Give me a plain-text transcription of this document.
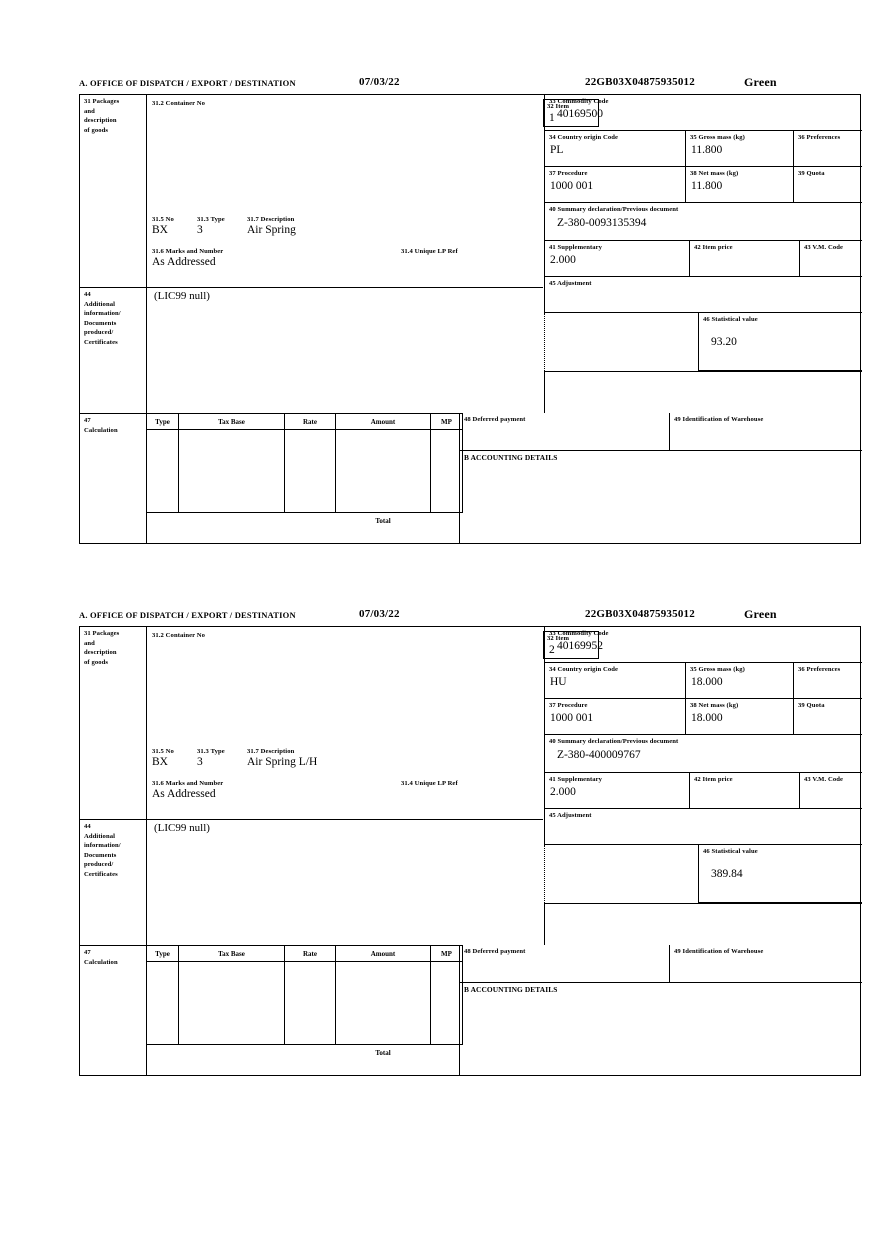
A. OFFICE OF DISPATCH / EXPORT / DESTINATION	07/03/22	22GB03X04875935012	Green
31 Packages
and
description
of goods
44
Additional
information/
Documents
produced/
Certificates
47
Calculation
31.2 Container No
31.5 No	31.3 Type	31.7 Description
BX	3	Air Spring
31.6 Marks and Number
As Addressed
31.4 Unique LP Ref
32 Item
1
(LIC99 null)
33 Commodity Code
40169500
34 Country origin Code
PL
35 Gross mass (kg)
11.800
36 Preferences
37 Procedure
1000 001
38 Net mass (kg)
11.800
39 Quota
40 Summary declaration/Previous document
Z-380-0093135394
41 Supplementary
2.000
42 Item price	43 V.M. Code
45 Adjustment
46 Statistical value
93.20
Type	Tax Base	Rate	Amount	MP

			Total	
48 Deferred payment	49 Identification of Warehouse
B ACCOUNTING DETAILS
A. OFFICE OF DISPATCH / EXPORT / DESTINATION	07/03/22	22GB03X04875935012	Green
31 Packages
and
description
of goods
44
Additional
information/
Documents
produced/
Certificates
47
Calculation
31.2 Container No
31.5 No	31.3 Type	31.7 Description
BX	3	Air Spring L/H
31.6 Marks and Number
As Addressed
31.4 Unique LP Ref
32 Item
2
(LIC99 null)
33 Commodity Code
40169952
34 Country origin Code
HU
35 Gross mass (kg)
18.000
36 Preferences
37 Procedure
1000 001
38 Net mass (kg)
18.000
39 Quota
40 Summary declaration/Previous document
Z-380-400009767
41 Supplementary
2.000
42 Item price	43 V.M. Code
45 Adjustment
46 Statistical value
389.84
Type	Tax Base	Rate	Amount	MP

			Total	
48 Deferred payment	49 Identification of Warehouse
B ACCOUNTING DETAILS
